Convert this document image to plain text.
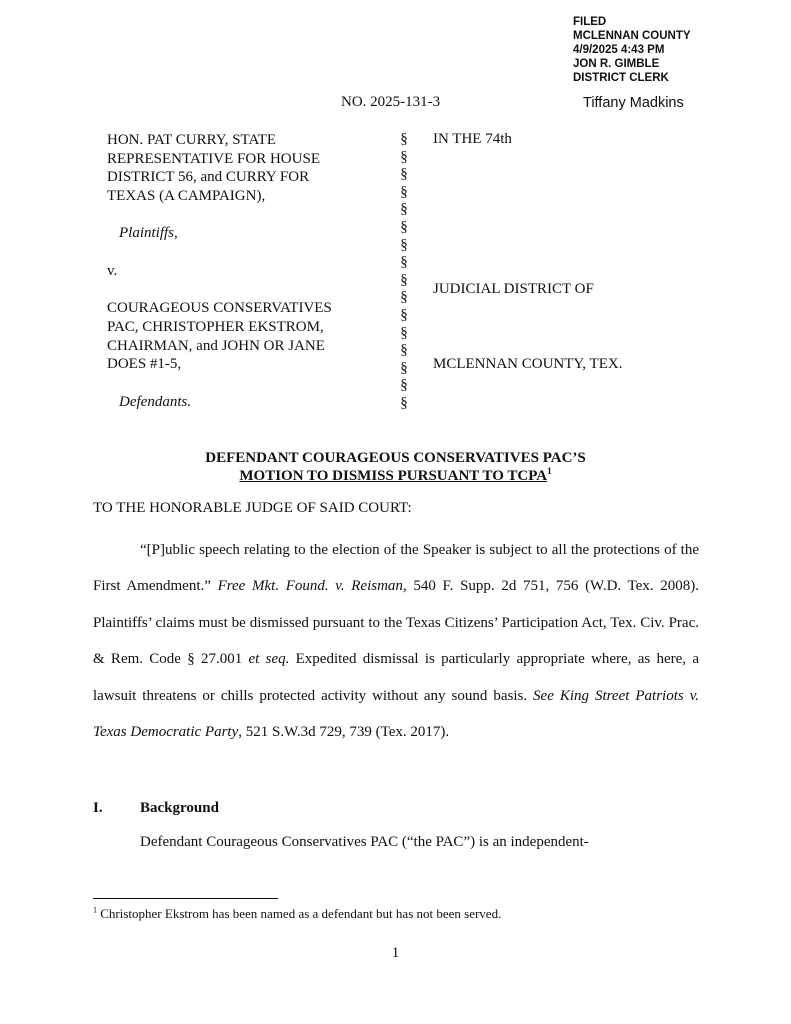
FILED
MCLENNAN COUNTY
4/9/2025 4:43 PM
JON R. GIMBLE
DISTRICT CLERK
Tiffany Madkins
NO. 2025-131-3
HON. PAT CURRY, STATE
REPRESENTATIVE FOR HOUSE
DISTRICT 56, and CURRY FOR
TEXAS (A CAMPAIGN),
Plaintiffs,
v.
COURAGEOUS CONSERVATIVES
PAC, CHRISTOPHER EKSTROM,
CHAIRMAN, and JOHN OR JANE
DOES #1-5,
Defendants.
§
§
§
§
§
§
§
§
§
§
§
§
§
§
§
§
IN THE 74th
JUDICIAL DISTRICT OF
MCLENNAN COUNTY, TEX.
DEFENDANT COURAGEOUS CONSERVATIVES PAC’S
MOTION TO DISMISS PURSUANT TO TCPA$^1$
TO THE HONORABLE JUDGE OF SAID COURT:
“[P]ublic speech relating to the election of the Speaker is subject to all the protections of the First Amendment.” Free Mkt. Found. v. Reisman, 540 F. Supp. 2d 751, 756 (W.D. Tex. 2008). Plaintiffs’ claims must be dismissed pursuant to the Texas Citizens’ Participation Act, Tex. Civ. Prac. & Rem. Code § 27.001 et seq. Expedited dismissal is particularly appropriate where, as here, a lawsuit threatens or chills protected activity without any sound basis. See King Street Patriots v. Texas Democratic Party, 521 S.W.3d 729, 739 (Tex. 2017).
I. Background
Defendant Courageous Conservatives PAC (“the PAC”) is an independent-
$^1$ Christopher Ekstrom has been named as a defendant but has not been served.
1
